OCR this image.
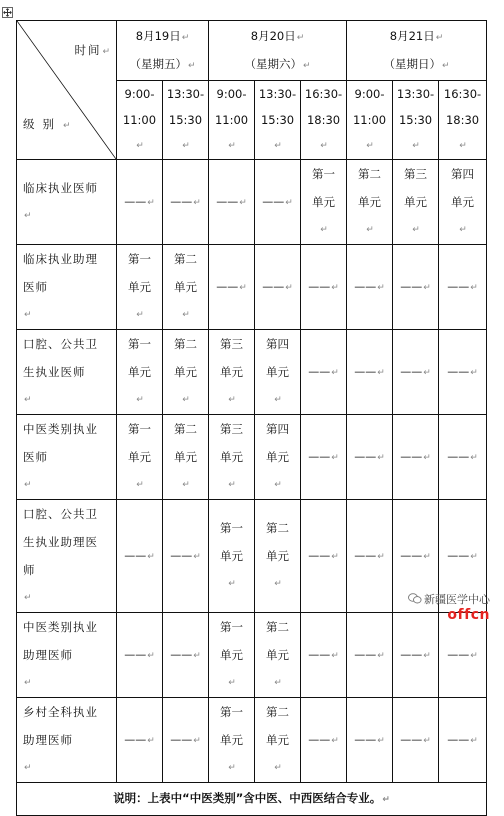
时间↵
级别↵	8月19日↵
（星期五）↵		8月20日↵
（星期六）↵			8月21日↵
（星期日）↵		

	9:00-
11:00
↵	13:30-
15:30
↵	9:00-
11:00
↵	13:30-
15:30
↵	16:30-
18:30
↵	9:00-
11:00
↵	13:30-
15:30
↵	16:30-
18:30
↵

临床执业医师
↵	——↵	——↵	——↵	——↵	第一
单元
↵	第二
单元
↵	第三
单元
↵	第四
单元
↵

临床执业助理
医师
↵	第一
单元
↵	第二
单元
↵	——↵	——↵	——↵	——↵	——↵	——↵

口腔、公共卫
生执业医师
↵	第一
单元
↵	第二
单元
↵	第三
单元
↵	第四
单元
↵	——↵	——↵	——↵	——↵

中医类别执业
医师
↵	第一
单元
↵	第二
单元
↵	第三
单元
↵	第四
单元
↵	——↵	——↵	——↵	——↵

口腔、公共卫
生执业助理医
师
↵	——↵	——↵	第一
单元
↵	第二
单元
↵	——↵	——↵	——↵	——↵

中医类别执业
助理医师
↵	——↵	——↵	第一
单元
↵	第二
单元
↵	——↵	——↵	——↵	——↵

乡村全科执业
助理医师
↵	——↵	——↵	第一
单元
↵	第二
单元
↵	——↵	——↵	——↵	——↵
说明：上表中“中医类别”含中医、中西医结合专业。↵								
新疆医学中心
offcn
